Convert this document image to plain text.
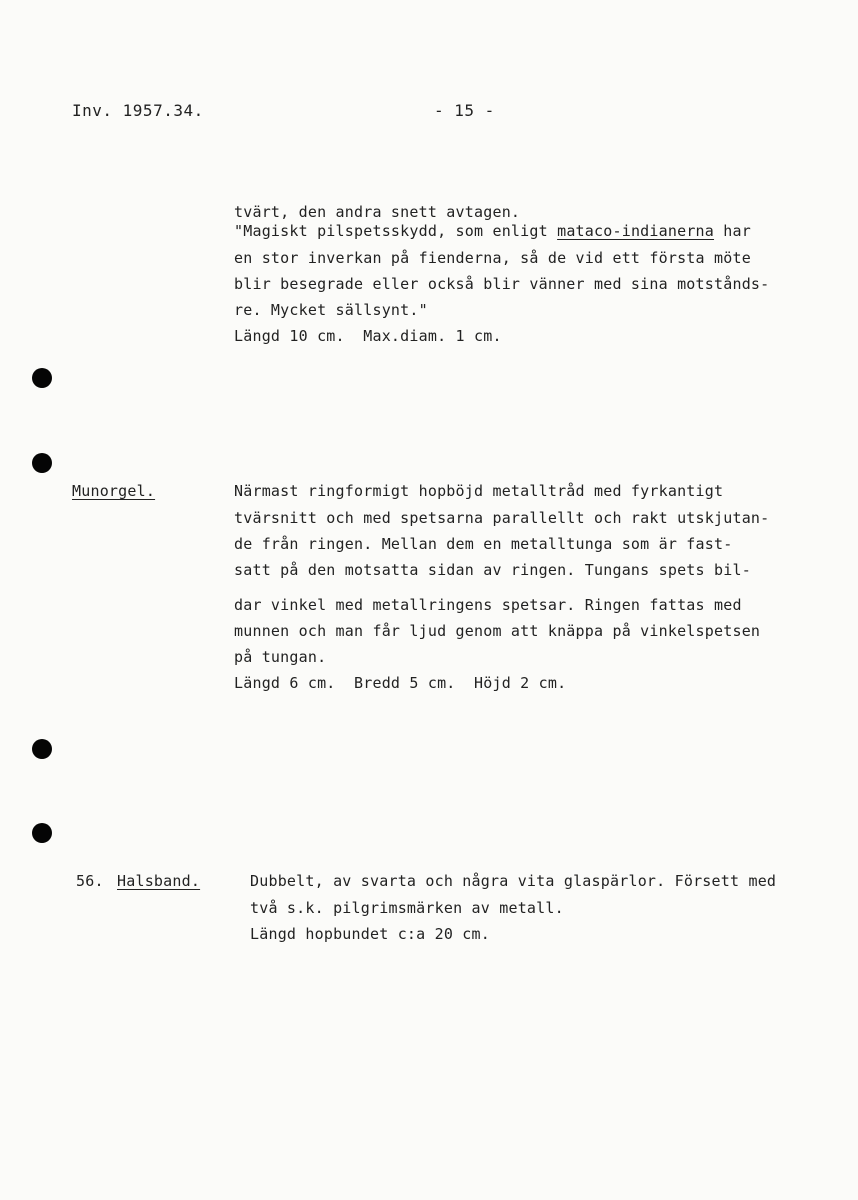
Inv. 1957.34.	- 15 -
tvärt, den andra snett avtagen.
"Magiskt pilspetsskydd, som enligt mataco-indianerna har
en stor inverkan på fienderna, så de vid ett första möte
blir besegrade eller också blir vänner med sina motstånds-
re. Mycket sällsynt."
Längd 10 cm.  Max.diam. 1 cm.
Munorgel.	Närmast ringformigt hopböjd metalltråd med fyrkantigt
tvärsnitt och med spetsarna parallellt och rakt utskjutan-
de från ringen. Mellan dem en metalltunga som är fast-
satt på den motsatta sidan av ringen. Tungans spets bil-
dar vinkel med metallringens spetsar. Ringen fattas med
munnen och man får ljud genom att knäppa på vinkelspetsen
på tungan.
Längd 6 cm.  Bredd 5 cm.  Höjd 2 cm.
56. Halsband.	Dubbelt, av svarta och några vita glaspärlor. Försett med
två s.k. pilgrimsmärken av metall.
Längd hopbundet c:a 20 cm.
